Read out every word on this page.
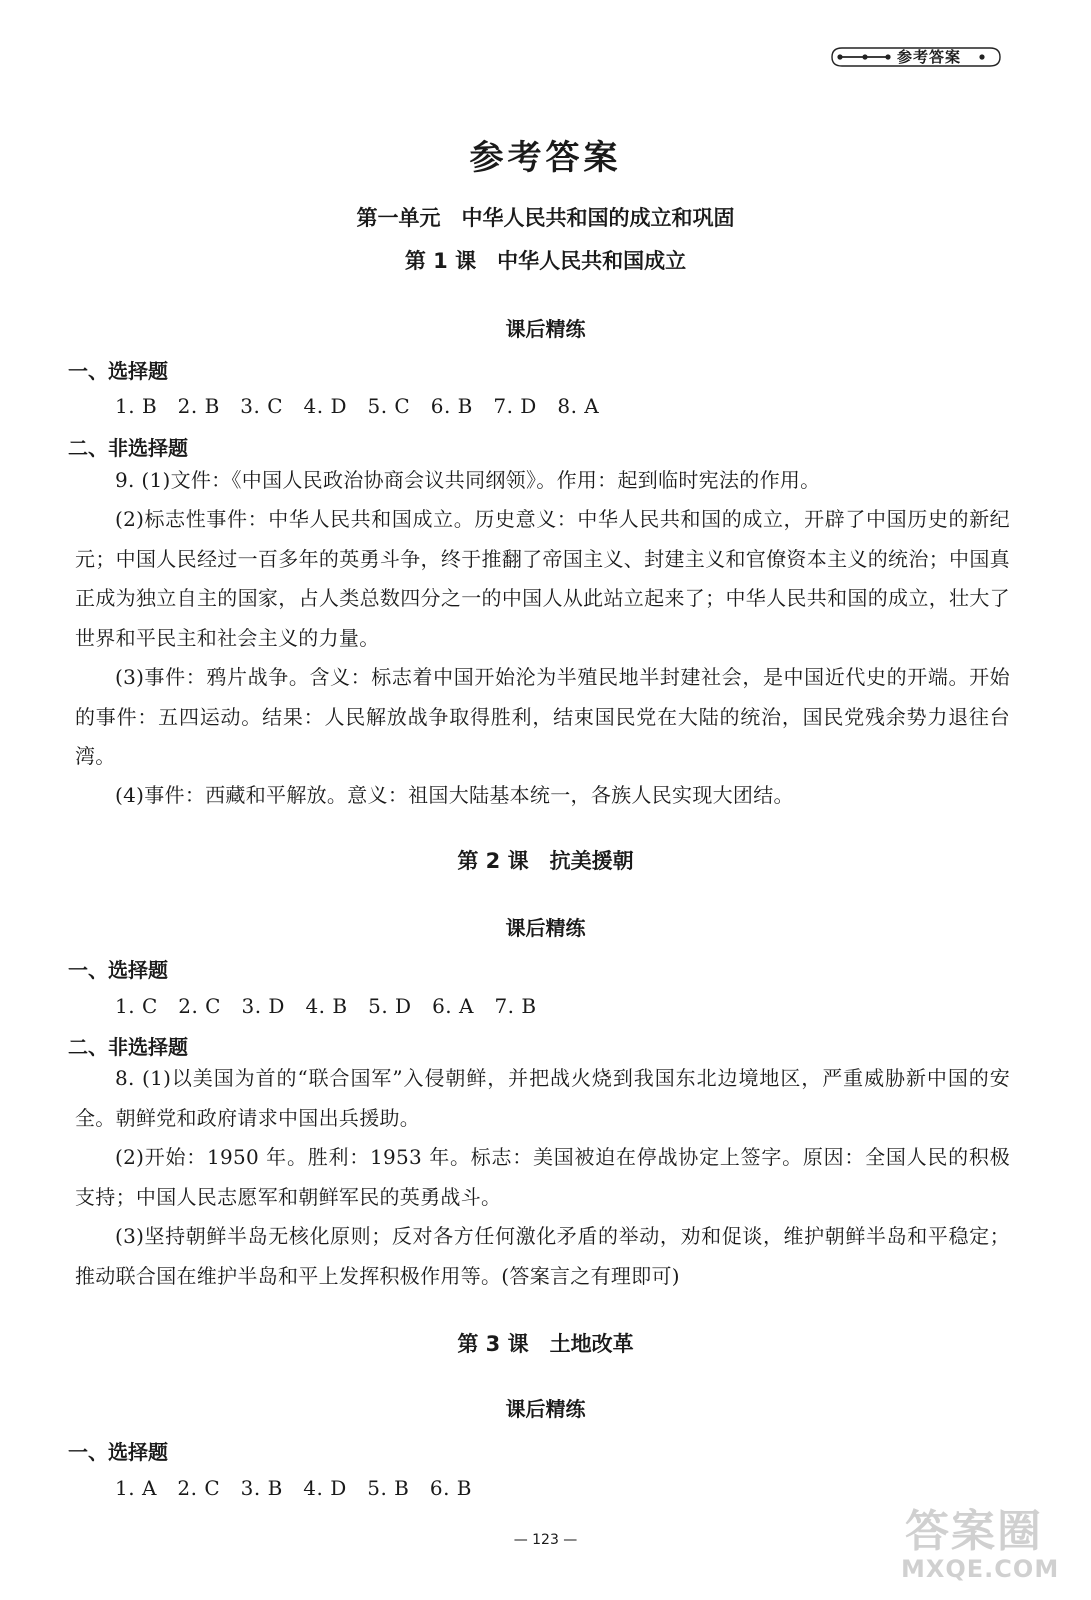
参考答案
参考答案
第一单元　中华人民共和国的成立和巩固
第 1 课　中华人民共和国成立
课后精练
一、选择题
1. B　2. B　3. C　4. D　5. C　6. B　7. D　8. A
二、非选择题
9. (1)文件：《中国人民政治协商会议共同纲领》。作用：起到临时宪法的作用。
(2)标志性事件：中华人民共和国成立。历史意义：中华人民共和国的成立，开辟了中国历史的新纪元；中国人民经过一百多年的英勇斗争，终于推翻了帝国主义、封建主义和官僚资本主义的统治；中国真正成为独立自主的国家，占人类总数四分之一的中国人从此站立起来了；中华人民共和国的成立，壮大了世界和平民主和社会主义的力量。
(3)事件：鸦片战争。含义：标志着中国开始沦为半殖民地半封建社会，是中国近代史的开端。开始的事件：五四运动。结果：人民解放战争取得胜利，结束国民党在大陆的统治，国民党残余势力退往台湾。
(4)事件：西藏和平解放。意义：祖国大陆基本统一，各族人民实现大团结。
第 2 课　抗美援朝
课后精练
一、选择题
1. C　2. C　3. D　4. B　5. D　6. A　7. B
二、非选择题
8. (1)以美国为首的“联合国军”入侵朝鲜，并把战火烧到我国东北边境地区，严重威胁新中国的安全。朝鲜党和政府请求中国出兵援助。
(2)开始：1950 年。胜利：1953 年。标志：美国被迫在停战协定上签字。原因：全国人民的积极支持；中国人民志愿军和朝鲜军民的英勇战斗。
(3)坚持朝鲜半岛无核化原则；反对各方任何激化矛盾的举动，劝和促谈，维护朝鲜半岛和平稳定；推动联合国在维护半岛和平上发挥积极作用等。(答案言之有理即可)
第 3 课　土地改革
课后精练
一、选择题
1. A　2. C　3. B　4. D　5. B　6. B
— 123 —	答案圈
MXQE.COM
